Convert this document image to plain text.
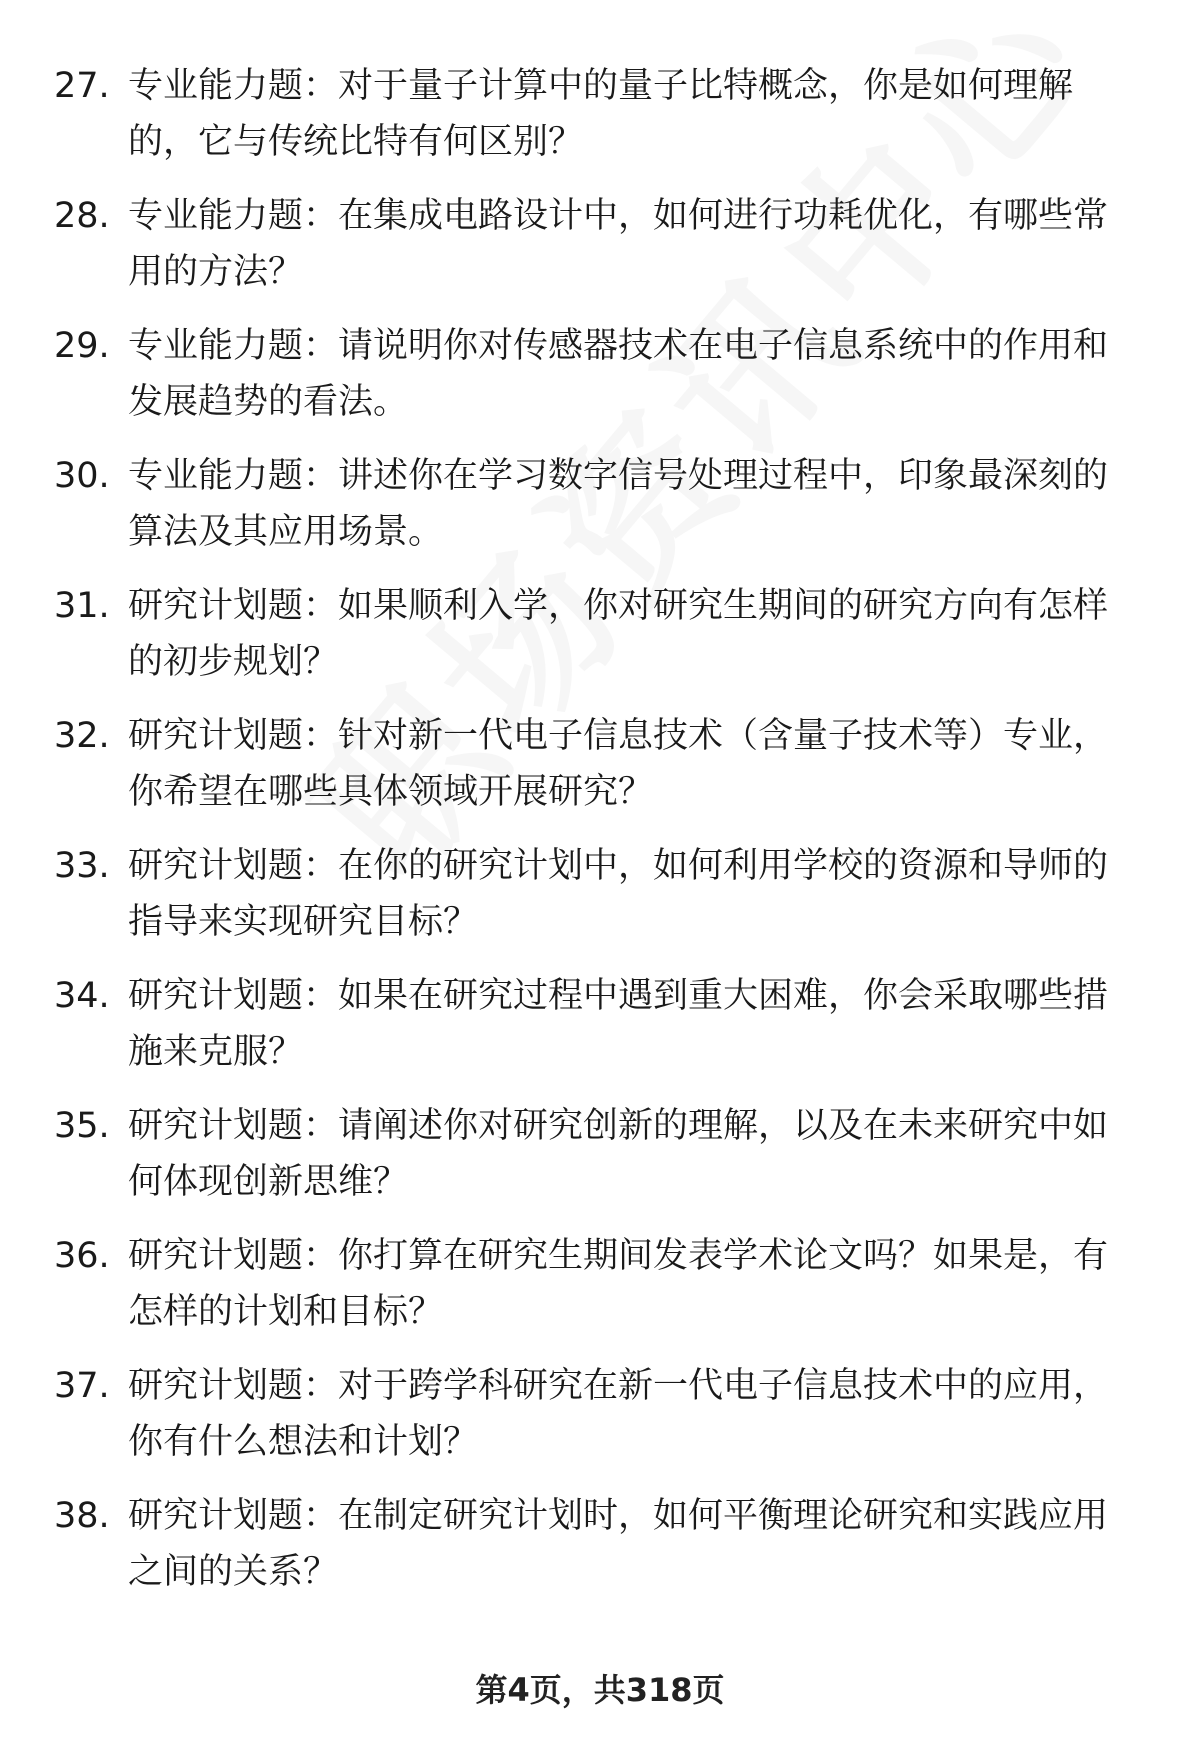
27. 专业能力题：对于量子计算中的量子比特概念，你是如何理解的，它与传统比特有何区别？
28. 专业能力题：在集成电路设计中，如何进行功耗优化，有哪些常用的方法？
29. 专业能力题：请说明你对传感器技术在电子信息系统中的作用和发展趋势的看法。
30. 专业能力题：讲述你在学习数字信号处理过程中，印象最深刻的算法及其应用场景。
31. 研究计划题：如果顺利入学，你对研究生期间的研究方向有怎样的初步规划？
32. 研究计划题：针对新一代电子信息技术（含量子技术等）专业，你希望在哪些具体领域开展研究？
33. 研究计划题：在你的研究计划中，如何利用学校的资源和导师的指导来实现研究目标？
34. 研究计划题：如果在研究过程中遇到重大困难，你会采取哪些措施来克服？
35. 研究计划题：请阐述你对研究创新的理解，以及在未来研究中如何体现创新思维？
36. 研究计划题：你打算在研究生期间发表学术论文吗？如果是，有怎样的计划和目标？
37. 研究计划题：对于跨学科研究在新一代电子信息技术中的应用，你有什么想法和计划？
38. 研究计划题：在制定研究计划时，如何平衡理论研究和实践应用之间的关系？
第4页，共318页
